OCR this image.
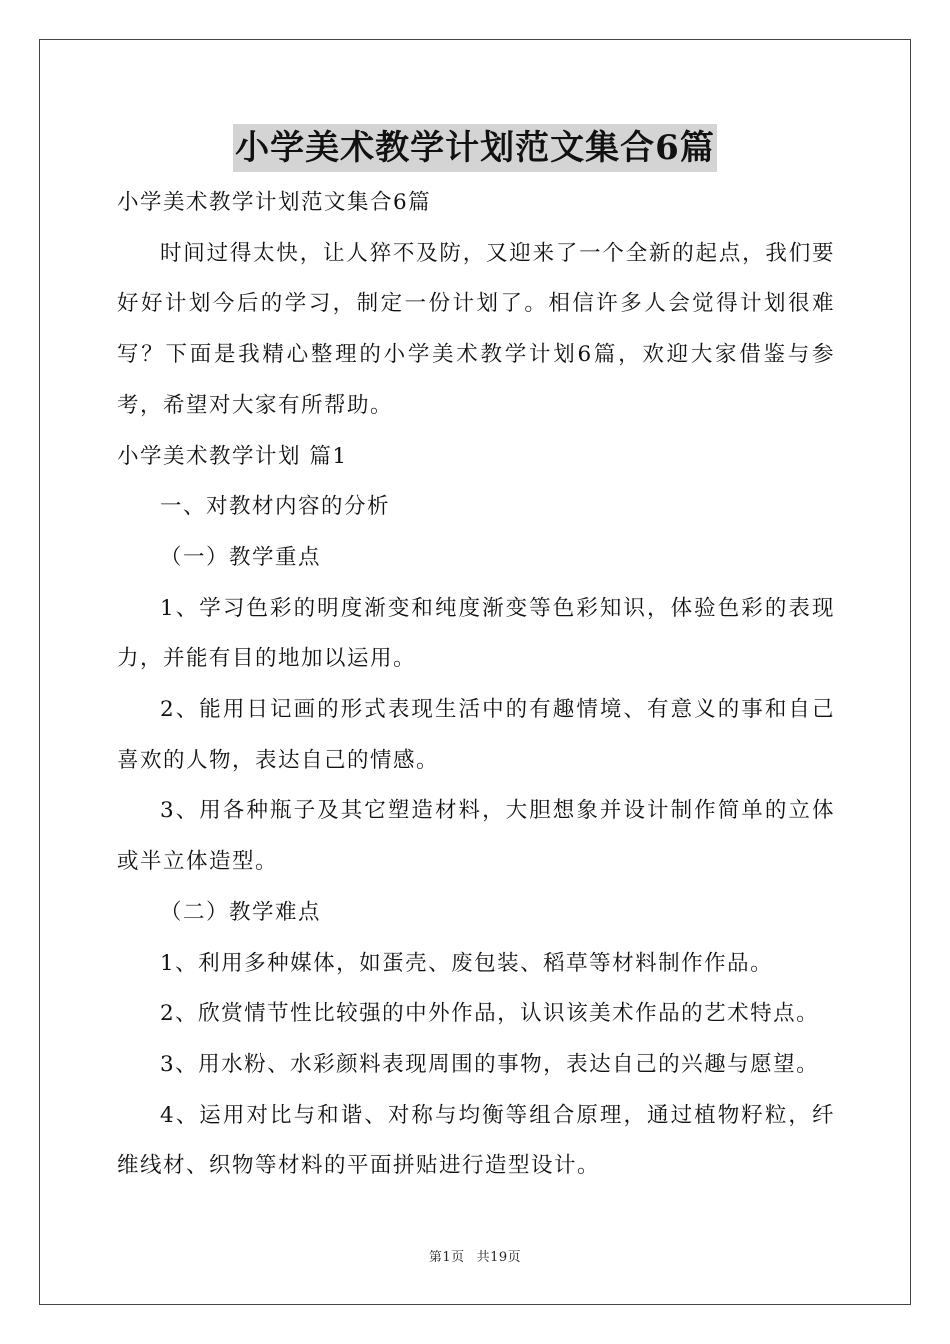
小学美术教学计划范文集合6篇

小学美术教学计划范文集合6篇

时间过得太快，让人猝不及防，又迎来了一个全新的起点，我们要好好计划今后的学习，制定一份计划了。相信许多人会觉得计划很难写？下面是我精心整理的小学美术教学计划6篇，欢迎大家借鉴与参考，希望对大家有所帮助。

小学美术教学计划 篇1

一、对教材内容的分析

（一）教学重点

1、学习色彩的明度渐变和纯度渐变等色彩知识，体验色彩的表现力，并能有目的地加以运用。

2、能用日记画的形式表现生活中的有趣情境、有意义的事和自己喜欢的人物，表达自己的情感。

3、用各种瓶子及其它塑造材料，大胆想象并设计制作简单的立体或半立体造型。

（二）教学难点

1、利用多种媒体，如蛋壳、废包装、稻草等材料制作作品。

2、欣赏情节性比较强的中外作品，认识该美术作品的艺术特点。

3、用水粉、水彩颜料表现周围的事物，表达自己的兴趣与愿望。

4、运用对比与和谐、对称与均衡等组合原理，通过植物籽粒，纤维线材、织物等材料的平面拼贴进行造型设计。

第1页 共19页
